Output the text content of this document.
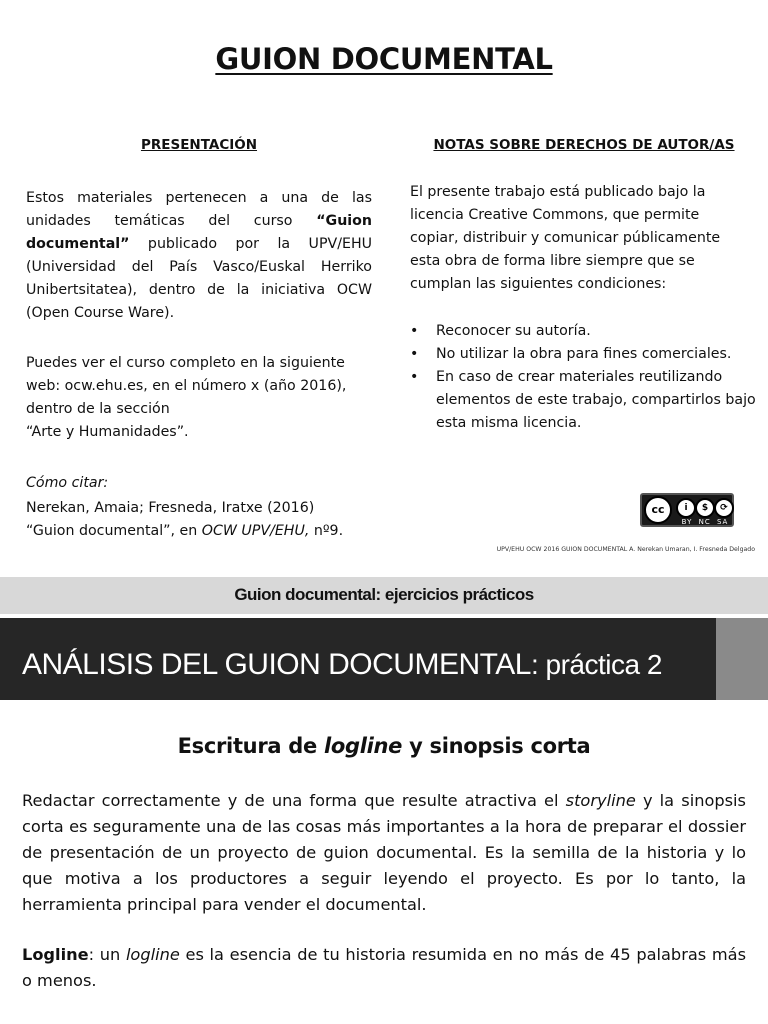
GUION DOCUMENTAL
PRESENTACIÓN	NOTAS SOBRE DERECHOS DE AUTOR/AS

Estos materiales pertenecen a una de las unidades temáticas del curso “Guion documental” publicado por la UPV/EHU (Universidad del País Vasco/Euskal Herriko Unibertsitatea), dentro de la iniciativa OCW (Open Course Ware).

Puedes ver el curso completo en la siguiente
web: ocw.ehu.es, en el número x (año 2016),
dentro de la sección
“Arte y Humanidades”.

Cómo citar:

Nerekan, Amaia; Fresneda, Iratxe (2016)
“Guion documental”, en OCW UPV/EHU, nº9.

El presente trabajo está publicado bajo la
licencia Creative Commons, que permite
copiar, distribuir y comunicar públicamente
esta obra de forma libre siempre que se
cumplan las siguientes condiciones:

• Reconocer su autoría.
• No utilizar la obra para fines comerciales.
• En caso de crear materiales reutilizando elementos de este trabajo, compartirlos bajo esta misma licencia.
cc	i	$	⟳
BY NC SA

UPV/EHU OCW 2016 GUION DOCUMENTAL A. Nerekan Umaran, I. Fresneda Delgado

Guion documental: ejercicios prácticos
ANÁLISIS DEL GUION DOCUMENTAL: práctica 2
Escritura de logline y sinopsis corta

Redactar correctamente y de una forma que resulte atractiva el storyline y la sinopsis corta es seguramente una de las cosas más importantes a la hora de preparar el dossier de presentación de un proyecto de guion documental. Es la semilla de la historia y lo que motiva a los productores a seguir leyendo el proyecto. Es por lo tanto, la herramienta principal para vender el documental.

Logline: un logline es la esencia de tu historia resumida en no más de 45 palabras más o menos.
